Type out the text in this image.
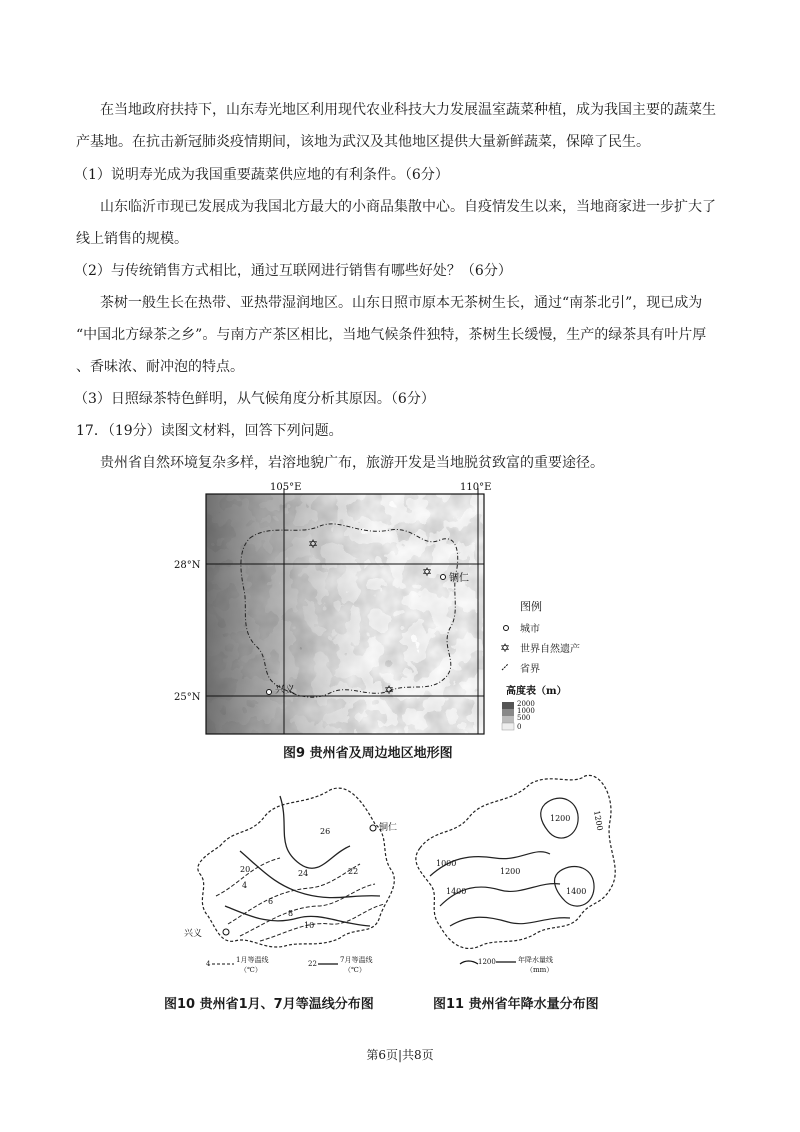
在当地政府扶持下，山东寿光地区利用现代农业科技大力发展温室蔬菜种植，成为我国主要的蔬菜生
产基地。在抗击新冠肺炎疫情期间，该地为武汉及其他地区提供大量新鲜蔬菜，保障了民生。
（1）说明寿光成为我国重要蔬菜供应地的有利条件。（6分）
山东临沂市现已发展成为我国北方最大的小商品集散中心。自疫情发生以来，当地商家进一步扩大了
线上销售的规模。
（2）与传统销售方式相比，通过互联网进行销售有哪些好处？（6分）
茶树一般生长在热带、亚热带湿润地区。山东日照市原本无茶树生长，通过“南茶北引”，现已成为
“中国北方绿茶之乡”。与南方产茶区相比，当地气候条件独特，茶树生长缓慢，生产的绿茶具有叶片厚
、香味浓、耐冲泡的特点。
（3）日照绿茶特色鲜明，从气候角度分析其原因。（6分）
17．（19分）读图文材料，回答下列问题。
贵州省自然环境复杂多样，岩溶地貌广布，旅游开发是当地脱贫致富的重要途径。
105°E	110°E
28°N
25°N
✡
✡
✡
铜仁
兴义
图例
城市
✡ 世界自然遗产
省界
高度表（m）
2000
1000
500
0
图9 贵州省及周边地区地形图
4
6
8
10
20	22
24
26	铜仁
兴义
4	1月等温线
（℃）
22	7月等温线
（℃）
图10 贵州省1月、7月等温线分布图
1200	1200
1000
1400
1200
1400
1200	年降水量线
（mm）
图11 贵州省年降水量分布图
第6页|共8页
